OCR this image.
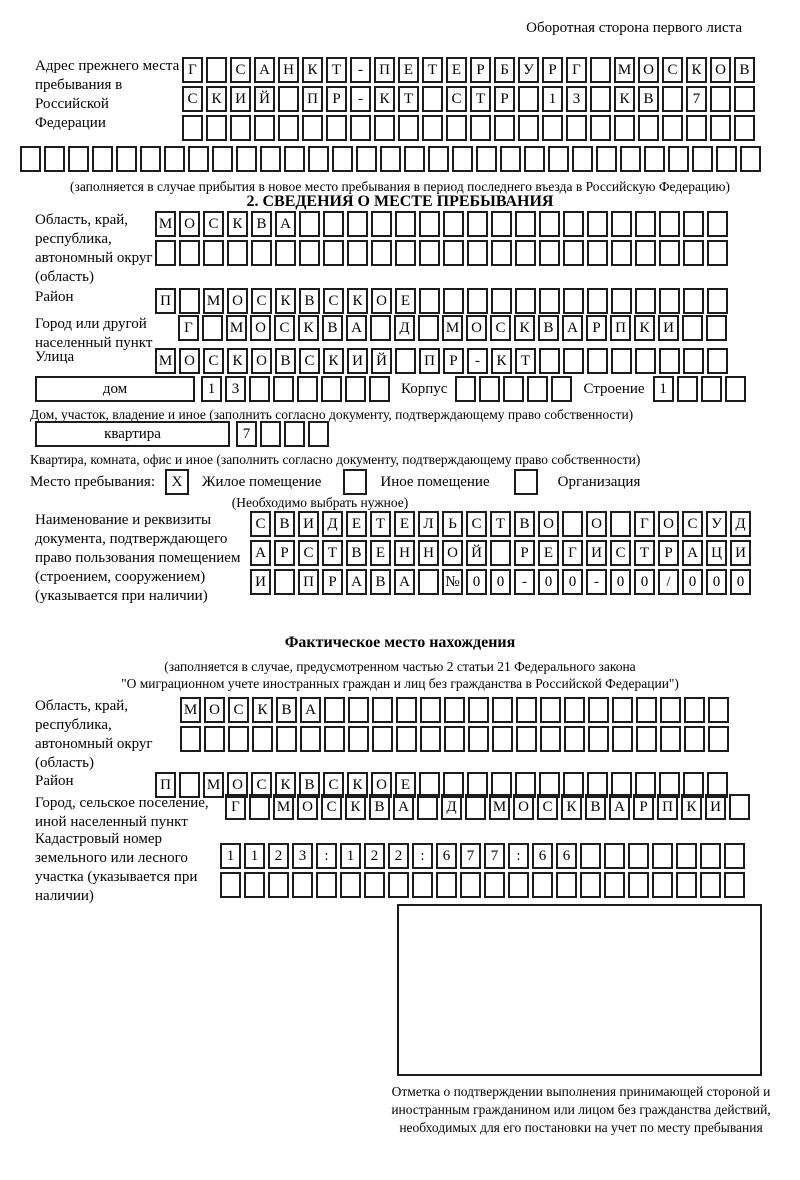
Оборотная сторона первого листа
Адрес прежнего места пребывания в Российской Федерации
Г	С А Н К Т	-	П Е Т Е	Р	Б У Р	Г	М О С К О В
С К И Й	П Р	-	К Т	С Т	Р	1	3	К В	7
(заполняется в случае прибытия в новое место пребывания в период последнего въезда в Российскую Федерацию)
2. СВЕДЕНИЯ О МЕСТЕ ПРЕБЫВАНИЯ
Область, край, республика, автономный округ (область)
М О С К В А
Район	П	М О С К В С К О Е
Город или другой населенный пункт
Г	М О С К В А	Д	М О С К В А Р П К И
Улица	М О С К О В С К И Й	П Р	-	К Т
дом	1	3	Корпус	Строение 1
Дом, участок, владение и иное (заполнить согласно документу, подтверждающему право собственности)
квартира	7
Квартира, комната, офис и иное (заполнить согласно документу, подтверждающему право собственности)
Место пребывания:	X	Жилое помещение	Иное помещение	Организация
(Необходимо выбрать нужное)
Наименование и реквизиты документа, подтверждающего право пользования помещением (строением, сооружением) (указывается при наличии)
С В И Д Е Т Е Л Ь С Т В О	О	Г О С У Д
А Р С Т В Е Н Н О Й	Р	Е	Г И С Т	Р А Ц И
И	П Р А В А	№ 0	0	-	0	0	-	0	0	/	0	0	0
Фактическое место нахождения
(заполняется в случае, предусмотренном частью 2 статьи 21 Федерального закона
"О миграционном учете иностранных граждан и лиц без гражданства в Российской Федерации")
Область, край, республика, автономный округ (область)
М О С К В А
Район	П	М О С К В С К О Е
Город, сельское поселение, иной населенный пункт
Г	М О С К В А	Д	М О С К В А Р П К И
Кадастровый номер земельного или лесного участка (указывается при наличии)
1	1	2	3	:	1	2	2	:	6	7	7	:	6	6
Отметка о подтверждении выполнения принимающей стороной и иностранным гражданином или лицом без гражданства действий, необходимых для его постановки на учет по месту пребывания
